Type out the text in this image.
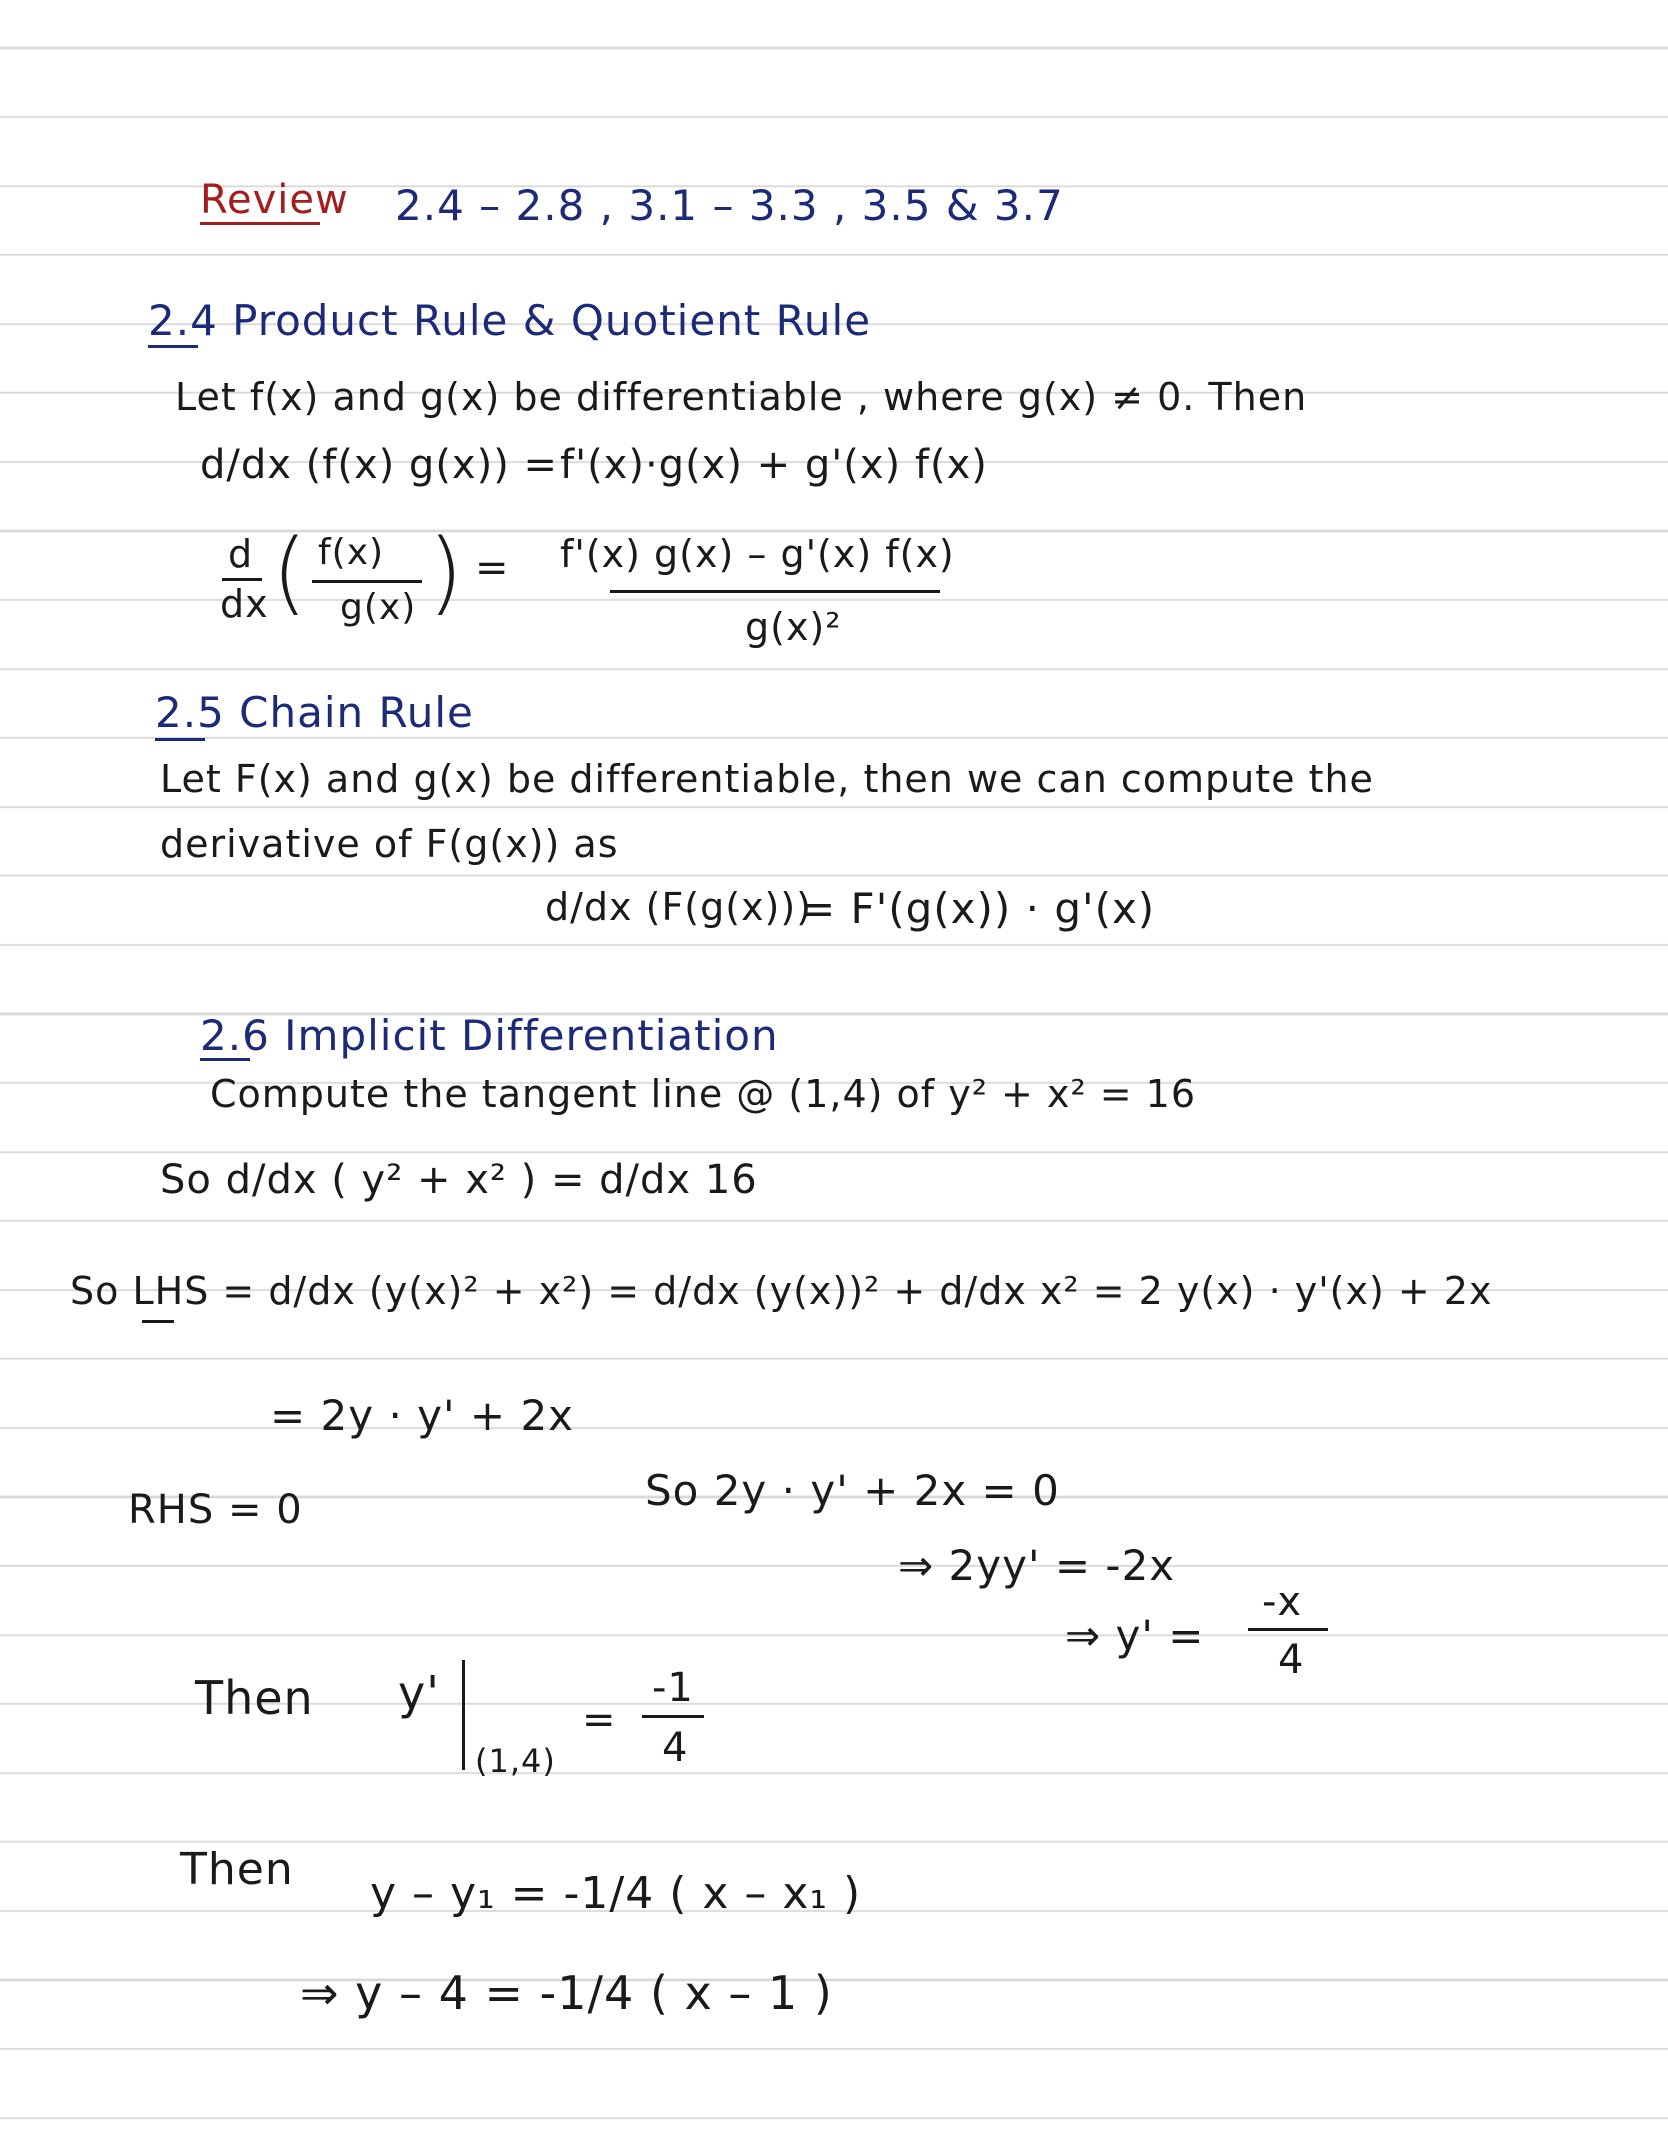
Review 2.4 – 2.8 , 3.1 – 3.3 , 3.5 & 3.7
2.4 Product Rule & Quotient Rule
Let f(x) and g(x) be differentiable , where g(x) ≠ 0. Then
d/dx (f(x) g(x)) = f'(x)·g(x) + g'(x) f(x)
d
dx ( f(x)
g(x) ) = f'(x) g(x) – g'(x) f(x)
g(x)²
2.5 Chain Rule
Let F(x) and g(x) be differentiable, then we can compute the
derivative of F(g(x)) as
d/dx (F(g(x)))
= F'(g(x)) · g'(x)
2.6 Implicit Differentiation
Compute the tangent line @ (1,4) of y² + x² = 16
So d/dx ( y² + x² ) = d/dx 16
So LHS = d/dx (y(x)² + x²) = d/dx (y(x))² + d/dx x² = 2 y(x) · y'(x) + 2x
= 2y · y' + 2x
RHS = 0	So 2y · y' + 2x = 0
⇒ 2yy' = -2x
⇒ y' =
-x
4
Then y'
(1,4)
=
-1
4
Then y – y₁ = -1/4 ( x – x₁ )
⇒ y – 4 = -1/4 ( x – 1 )
